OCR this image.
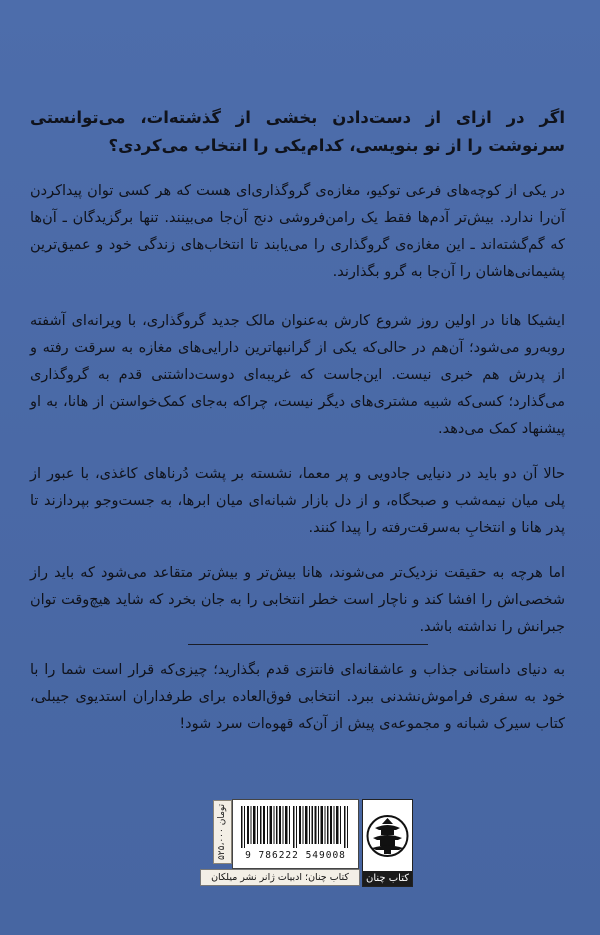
اگر در ازای از دست‌دادن بخشی از گذشته‌ات، می‌توانستی سرنوشت را از نو بنویسی، کدام‌یکی را انتخاب می‌کردی؟
در یکی از کوچه‌های فرعی توکیو، مغازه‌ی گروگذاری‌ای هست که هر کسی توان پیداکردن آن‌را ندارد. بیش‌تر آدم‌ها فقط یک رامن‌فروشی دنج آن‌جا می‌بینند. تنها برگزیدگان ـ آن‌ها که گم‌گشته‌اند ـ این مغازه‌ی گروگذاری را می‌یابند تا انتخاب‌های زندگی خود و عمیق‌ترین پشیمانی‌هاشان را آن‌جا به گرو بگذارند.
ایشیکا هانا در اولین روز شروع کارش به‌عنوان مالک جدید گروگذاری، با ویرانه‌ای آشفته روبه‌رو می‌شود؛ آن‌هم در حالی‌که یکی از گرانبهاترین دارایی‌های مغازه به سرقت رفته و از پدرش هم خبری نیست. این‌جاست که غریبه‌ای دوست‌داشتنی قدم به گروگذاری می‌گذارد؛ کسی‌که شبیه مشتری‌های دیگر نیست، چراکه به‌جای کمک‌خواستن از هانا، به او پیشنهاد کمک می‌دهد.
حالا آن دو باید در دنیایی جادویی و پر معما، نشسته بر پشت دُرناهای کاغذی، با عبور از پلی میان نیمه‌شب و صبحگاه، و از دل بازار شبانه‌ای میان ابرها، به جست‌وجو بپردازند تا پدر هانا و انتخابِ به‌سرقت‌رفته را پیدا کنند.
اما هرچه به حقیقت نزدیک‌تر می‌شوند، هانا بیش‌تر و بیش‌تر متقاعد می‌شود که باید راز شخصی‌اش را افشا کند و ناچار است خطر انتخابی را به جان بخرد که شاید هیچ‌وقت توان جبرانش را نداشته باشد.
به دنیای داستانی جذاب و عاشقانه‌ای فانتزی قدم بگذارید؛ چیزی‌که قرار است شما را با خود به سفری فراموش‌نشدنی ببرد. انتخابی فوق‌العاده برای طرفداران استدیوی جیبلی، کتاب سیرک شبانه و مجموعه‌ی پیش از آن‌که قهوه‌ات سرد شود!
۵۲۵،۰۰۰ تومان
9 786222 549008
کتاب چنان؛ ادبیات ژانر نشر میلکان	کتاب چنان
